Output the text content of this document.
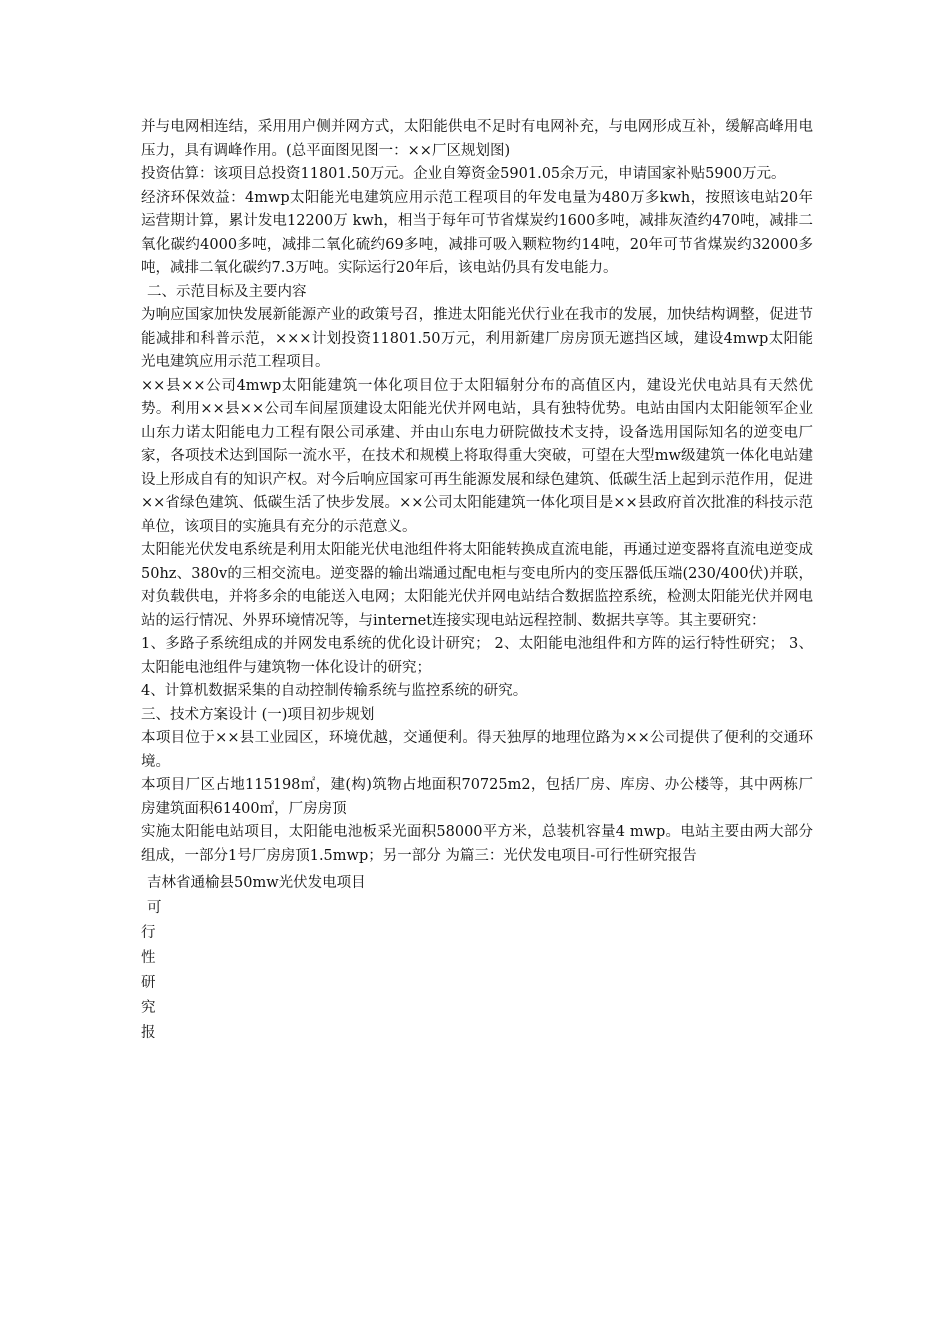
并与电网相连结，采用用户侧并网方式，太阳能供电不足时有电网补充，与电网形成互补，缓解高峰用电压力，具有调峰作用。(总平面图见图一：××厂区规划图)

投资估算：该项目总投资11801.50万元。企业自筹资金5901.05余万元，申请国家补贴5900万元。

经济环保效益：4mwp太阳能光电建筑应用示范工程项目的年发电量为480万多kwh，按照该电站20年运营期计算，累计发电12200万 kwh，相当于每年可节省煤炭约1600多吨，减排灰渣约470吨，减排二氧化碳约4000多吨，减排二氧化硫约69多吨，减排可吸入颗粒物约14吨，20年可节省煤炭约32000多吨，减排二氧化碳约7.3万吨。实际运行20年后，该电站仍具有发电能力。

二、示范目标及主要内容

为响应国家加快发展新能源产业的政策号召，推进太阳能光伏行业在我市的发展，加快结构调整，促进节能减排和科普示范，×××计划投资11801.50万元，利用新建厂房房顶无遮挡区域，建设4mwp太阳能光电建筑应用示范工程项目。

××县××公司4mwp太阳能建筑一体化项目位于太阳辐射分布的高值区内，建设光伏电站具有天然优势。利用××县××公司车间屋顶建设太阳能光伏并网电站，具有独特优势。电站由国内太阳能领军企业山东力诺太阳能电力工程有限公司承建、并由山东电力研院做技术支持，设备选用国际知名的逆变电厂家，各项技术达到国际一流水平，在技术和规模上将取得重大突破，可望在大型mw级建筑一体化电站建设上形成自有的知识产权。对今后响应国家可再生能源发展和绿色建筑、低碳生活上起到示范作用，促进××省绿色建筑、低碳生活了快步发展。××公司太阳能建筑一体化项目是××县政府首次批准的科技示范单位，该项目的实施具有充分的示范意义。

太阳能光伏发电系统是利用太阳能光伏电池组件将太阳能转换成直流电能，再通过逆变器将直流电逆变成50hz、380v的三相交流电。逆变器的输出端通过配电柜与变电所内的变压器低压端(230/400伏)并联，对负载供电，并将多余的电能送入电网；太阳能光伏并网电站结合数据监控系统，检测太阳能光伏并网电站的运行情况、外界环境情况等，与internet连接实现电站远程控制、数据共享等。其主要研究：

1、多路子系统组成的并网发电系统的优化设计研究； 2、太阳能电池组件和方阵的运行特性研究； 3、太阳能电池组件与建筑物一体化设计的研究；

4、计算机数据采集的自动控制传输系统与监控系统的研究。

三、技术方案设计 (一)项目初步规划

本项目位于××县工业园区，环境优越，交通便利。得天独厚的地理位路为××公司提供了便利的交通环境。

本项目厂区占地115198㎡，建(构)筑物占地面积70725m2，包括厂房、库房、办公楼等，其中两栋厂房建筑面积61400㎡，厂房房顶

实施太阳能电站项目，太阳能电池板采光面积58000平方米，总装机容量4 mwp。电站主要由两大部分组成，一部分1号厂房房顶1.5mwp；另一部分 为篇三：光伏发电项目-可行性研究报告

吉林省通榆县50mw光伏发电项目

可

行

性

研

究

报
